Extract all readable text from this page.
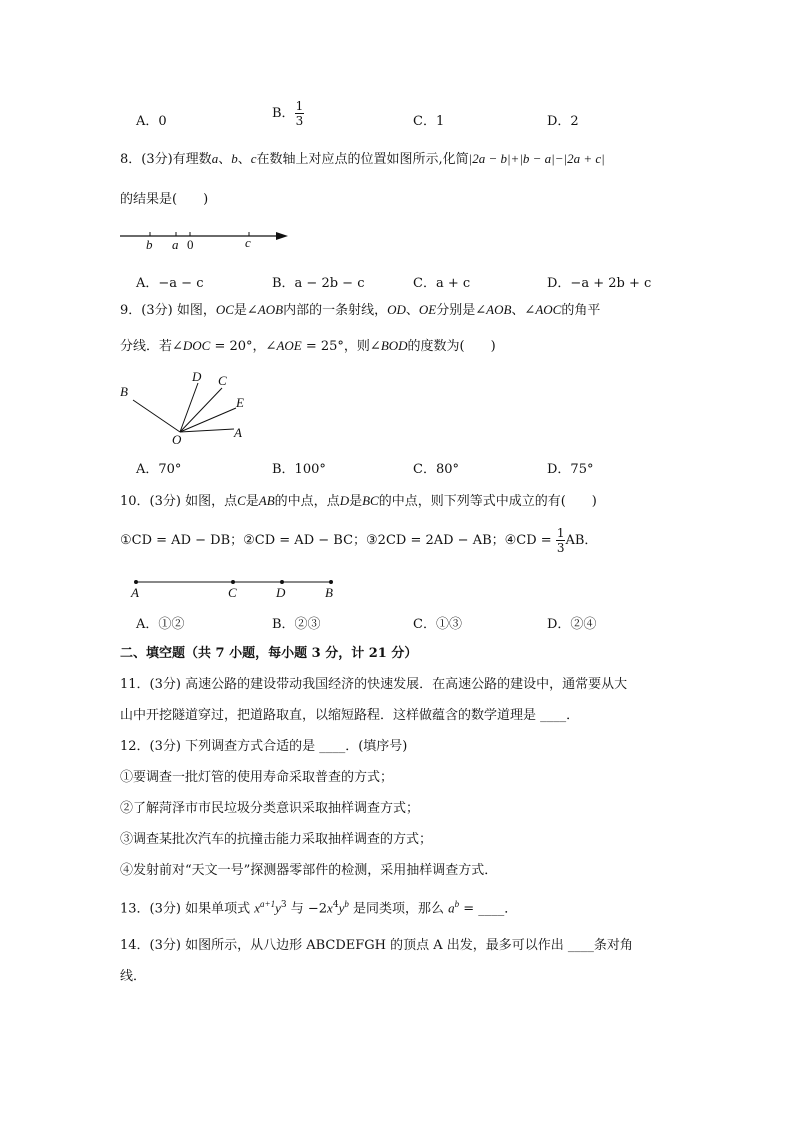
A．0
B． $\frac{1}{3}$	C．1	D．2
8．(3分)有理数a、b、c在数轴上对应点的位置如图所示,化简|2a − b|+|b − a|−|2a + c|
的结果是(　　)
b a 0	c
A．−a − c	B．a − 2b − c	C．a + c	D．−a + 2b + c
9．(3分) 如图，OC是∠AOB内部的一条射线，OD、OE分别是∠AOB、∠AOC的角平
分线．若∠DOC = 20°，∠AOE = 25°，则∠BOD的度数为(　　)
B
D C
E
A
O
A．70°	B．100°	C．80°	D．75°
10．(3分) 如图，点C是AB的中点，点D是BC的中点，则下列等式中成立的有(　　)
①CD = AD − DB；②CD = AD − BC；③2CD = 2AD − AB；④CD = $\frac{1}{3}$ AB．
A	C	D	B
A．①②	B．②③	C．①③	D．②④
二、填空题（共 7 小题，每小题 3 分，计 21 分）
11．(3分) 高速公路的建设带动我国经济的快速发展．在高速公路的建设中，通常要从大
山中开挖隧道穿过，把道路取直，以缩短路程．这样做蕴含的数学道理是 ____．
12．(3分) 下列调查方式合适的是 ____．(填序号)
①要调查一批灯管的使用寿命采取普查的方式；
②了解菏泽市市民垃圾分类意识采取抽样调查方式；
③调查某批次汽车的抗撞击能力采取抽样调查的方式；
④发射前对“天文一号”探测器零部件的检测，采用抽样调查方式．
13．(3分) 如果单项式 $x^{a+1}y^3$ 与 $-2x^4y^b$ 是同类项，那么 $a^b$ = ____．
14．(3分) 如图所示，从八边形 ABCDEFGH 的顶点 A 出发，最多可以作出 ____条对角
线．
